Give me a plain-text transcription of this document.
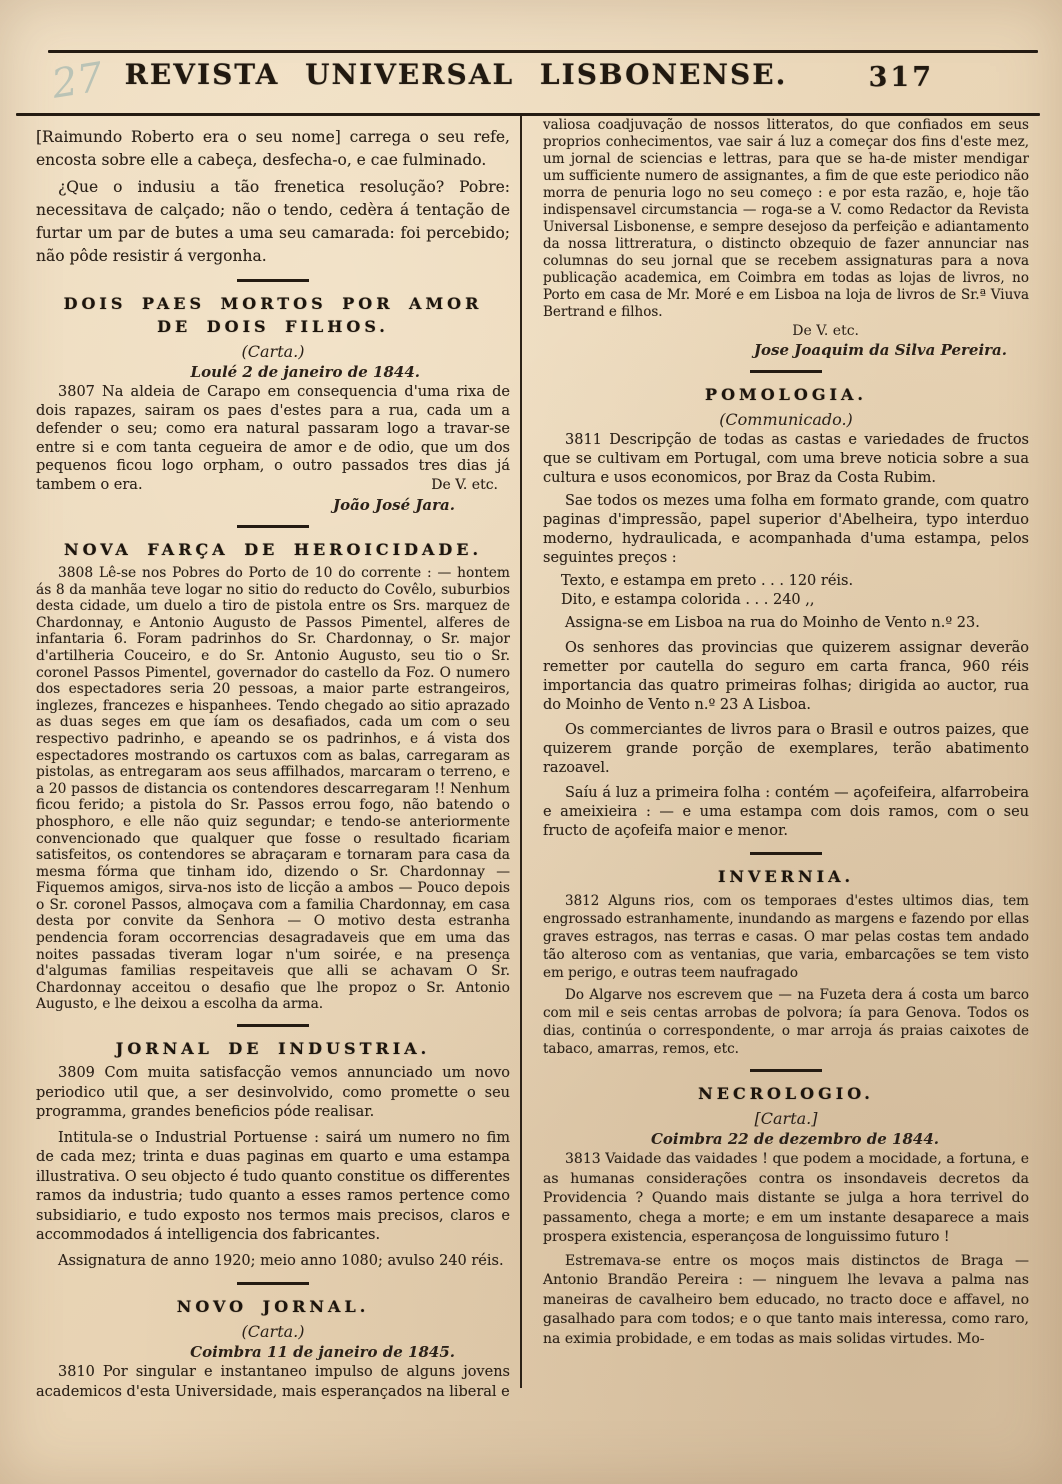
27 REVISTA UNIVERSAL LISBONENSE.	317

[Raimundo Roberto era o seu nome] carrega o seu refe, encosta sobre elle a cabeça, desfecha-o, e cae fulminado.

¿Que o indusiu a tão frenetica resolução? Pobre: necessitava de calçado; não o tendo, cedèra á tentação de furtar um par de butes a uma seu camarada: foi percebido; não pôde resistir á vergonha.

DOIS PAES MORTOS POR AMOR DE DOIS FILHOS.
(Carta.)
Loulé 2 de janeiro de 1844.

3807 Na aldeia de Carapo em consequencia d'uma rixa de dois rapazes, sairam os paes d'estes para a rua, cada um a defender o seu; como era natural passaram logo a travar-se entre si e com tanta cegueira de amor e de odio, que um dos pequenos ficou logo orpham, o outro passados tres dias já tambem o era.	De V. etc.

João José Jara.
NOVA FARÇA DE HEROICIDADE.

3808 Lê-se nos Pobres do Porto de 10 do corrente : — hontem ás 8 da manhãa teve logar no sitio do reducto do Covêlo, suburbios desta cidade, um duelo a tiro de pistola entre os Srs. marquez de Chardonnay, e Antonio Augusto de Passos Pimentel, alferes de infantaria 6. Foram padrinhos do Sr. Chardonnay, o Sr. major d'artilheria Couceiro, e do Sr. Antonio Augusto, seu tio o Sr. coronel Passos Pimentel, governador do castello da Foz. O numero dos espectadores seria 20 pessoas, a maior parte estrangeiros, inglezes, francezes e hispanhees. Tendo chegado ao sitio aprazado as duas seges em que íam os desafiados, cada um com o seu respectivo padrinho, e apeando se os padrinhos, e á vista dos espectadores mostrando os cartuxos com as balas, carregaram as pistolas, as entregaram aos seus affilhados, marcaram o terreno, e a 20 passos de distancia os contendores descarregaram !! Nenhum ficou ferido; a pistola do Sr. Passos errou fogo, não batendo o phosphoro, e elle não quiz segundar; e tendo-se anteriormente convencionado que qualquer que fosse o resultado ficariam satisfeitos, os contendores se abraçaram e tornaram para casa da mesma fórma que tinham ido, dizendo o Sr. Chardonnay — Fiquemos amigos, sirva-nos isto de licção a ambos — Pouco depois o Sr. coronel Passos, almoçava com a familia Chardonnay, em casa desta por convite da Senhora — O motivo desta estranha pendencia foram occorrencias desagradaveis que em uma das noites passadas tiveram logar n'um soirée, e na presença d'algumas familias respeitaveis que alli se achavam O Sr. Chardonnay acceitou o desafio que lhe propoz o Sr. Antonio Augusto, e lhe deixou a escolha da arma.

JORNAL DE INDUSTRIA.

3809 Com muita satisfacção vemos annunciado um novo periodico util que, a ser desinvolvido, como promette o seu programma, grandes beneficios póde realisar.

Intitula-se o Industrial Portuense : sairá um numero no fim de cada mez; trinta e duas paginas em quarto e uma estampa illustrativa. O seu objecto é tudo quanto constitue os differentes ramos da industria; tudo quanto a esses ramos pertence como subsidiario, e tudo exposto nos termos mais precisos, claros e accommodados á intelligencia dos fabricantes.

Assignatura de anno 1920; meio anno 1080; avulso 240 réis.

NOVO JORNAL.
(Carta.)
Coimbra 11 de janeiro de 1845.

3810 Por singular e instantaneo impulso de alguns jovens academicos d'esta Universidade, mais esperançados na liberal e

valiosa coadjuvação de nossos litteratos, do que confiados em seus proprios conhecimentos, vae sair á luz a começar dos fins d'este mez, um jornal de sciencias e lettras, para que se ha-de mister mendigar um sufficiente numero de assignantes, a fim de que este periodico não morra de penuria logo no seu começo : e por esta razão, e, hoje tão indispensavel circumstancia — roga-se a V. como Redactor da Revista Universal Lisbonense, e sempre desejoso da perfeição e adiantamento da nossa littreratura, o distincto obzequio de fazer annunciar nas columnas do seu jornal que se recebem assignaturas para a nova publicação academica, em Coimbra em todas as lojas de livros, no Porto em casa de Mr. Moré e em Lisboa na loja de livros de Sr.ª Viuva Bertrand e filhos.

De V. etc.
Jose Joaquim da Silva Pereira.
POMOLOGIA.
(Communicado.)

3811 Descripção de todas as castas e variedades de fructos que se cultivam em Portugal, com uma breve noticia sobre a sua cultura e usos economicos, por Braz da Costa Rubim.

Sae todos os mezes uma folha em formato grande, com quatro paginas d'impressão, papel superior d'Abelheira, typo interduo moderno, hydraulicada, e acompanhada d'uma estampa, pelos seguintes preços :

Texto, e estampa em preto . . . 120 réis.

Dito, e estampa colorida . . . 240 ,,

Assigna-se em Lisboa na rua do Moinho de Vento n.º 23.

Os senhores das provincias que quizerem assignar deverão remetter por cautella do seguro em carta franca, 960 réis importancia das quatro primeiras folhas; dirigida ao auctor, rua do Moinho de Vento n.º 23 A Lisboa.

Os commerciantes de livros para o Brasil e outros paizes, que quizerem grande porção de exemplares, terão abatimento razoavel.

Saíu á luz a primeira folha : contém — açofeifeira, alfarrobeira e ameixieira : — e uma estampa com dois ramos, com o seu fructo de açofeifa maior e menor.

INVERNIA.

3812 Alguns rios, com os temporaes d'estes ultimos dias, tem engrossado estranhamente, inundando as margens e fazendo por ellas graves estragos, nas terras e casas. O mar pelas costas tem andado tão alteroso com as ventanias, que varia, embarcações se tem visto em perigo, e outras teem naufragado

Do Algarve nos escrevem que — na Fuzeta dera á costa um barco com mil e seis centas arrobas de polvora; ía para Genova. Todos os dias, continúa o correspondente, o mar arroja ás praias caixotes de tabaco, amarras, remos, etc.

NECROLOGIO.
[Carta.]
Coimbra 22 de dezembro de 1844.

3813 Vaidade das vaidades ! que podem a mocidade, a fortuna, e as humanas considerações contra os insondaveis decretos da Providencia ? Quando mais distante se julga a hora terrivel do passamento, chega a morte; e em um instante desaparece a mais prospera existencia, esperançosa de longuissimo futuro !

Estremava-se entre os moços mais distinctos de Braga — Antonio Brandão Pereira : — ninguem lhe levava a palma nas maneiras de cavalheiro bem educado, no tracto doce e affavel, no gasalhado para com todos; e o que tanto mais interessa, como raro, na eximia probidade, e em todas as mais solidas virtudes. Mo-
